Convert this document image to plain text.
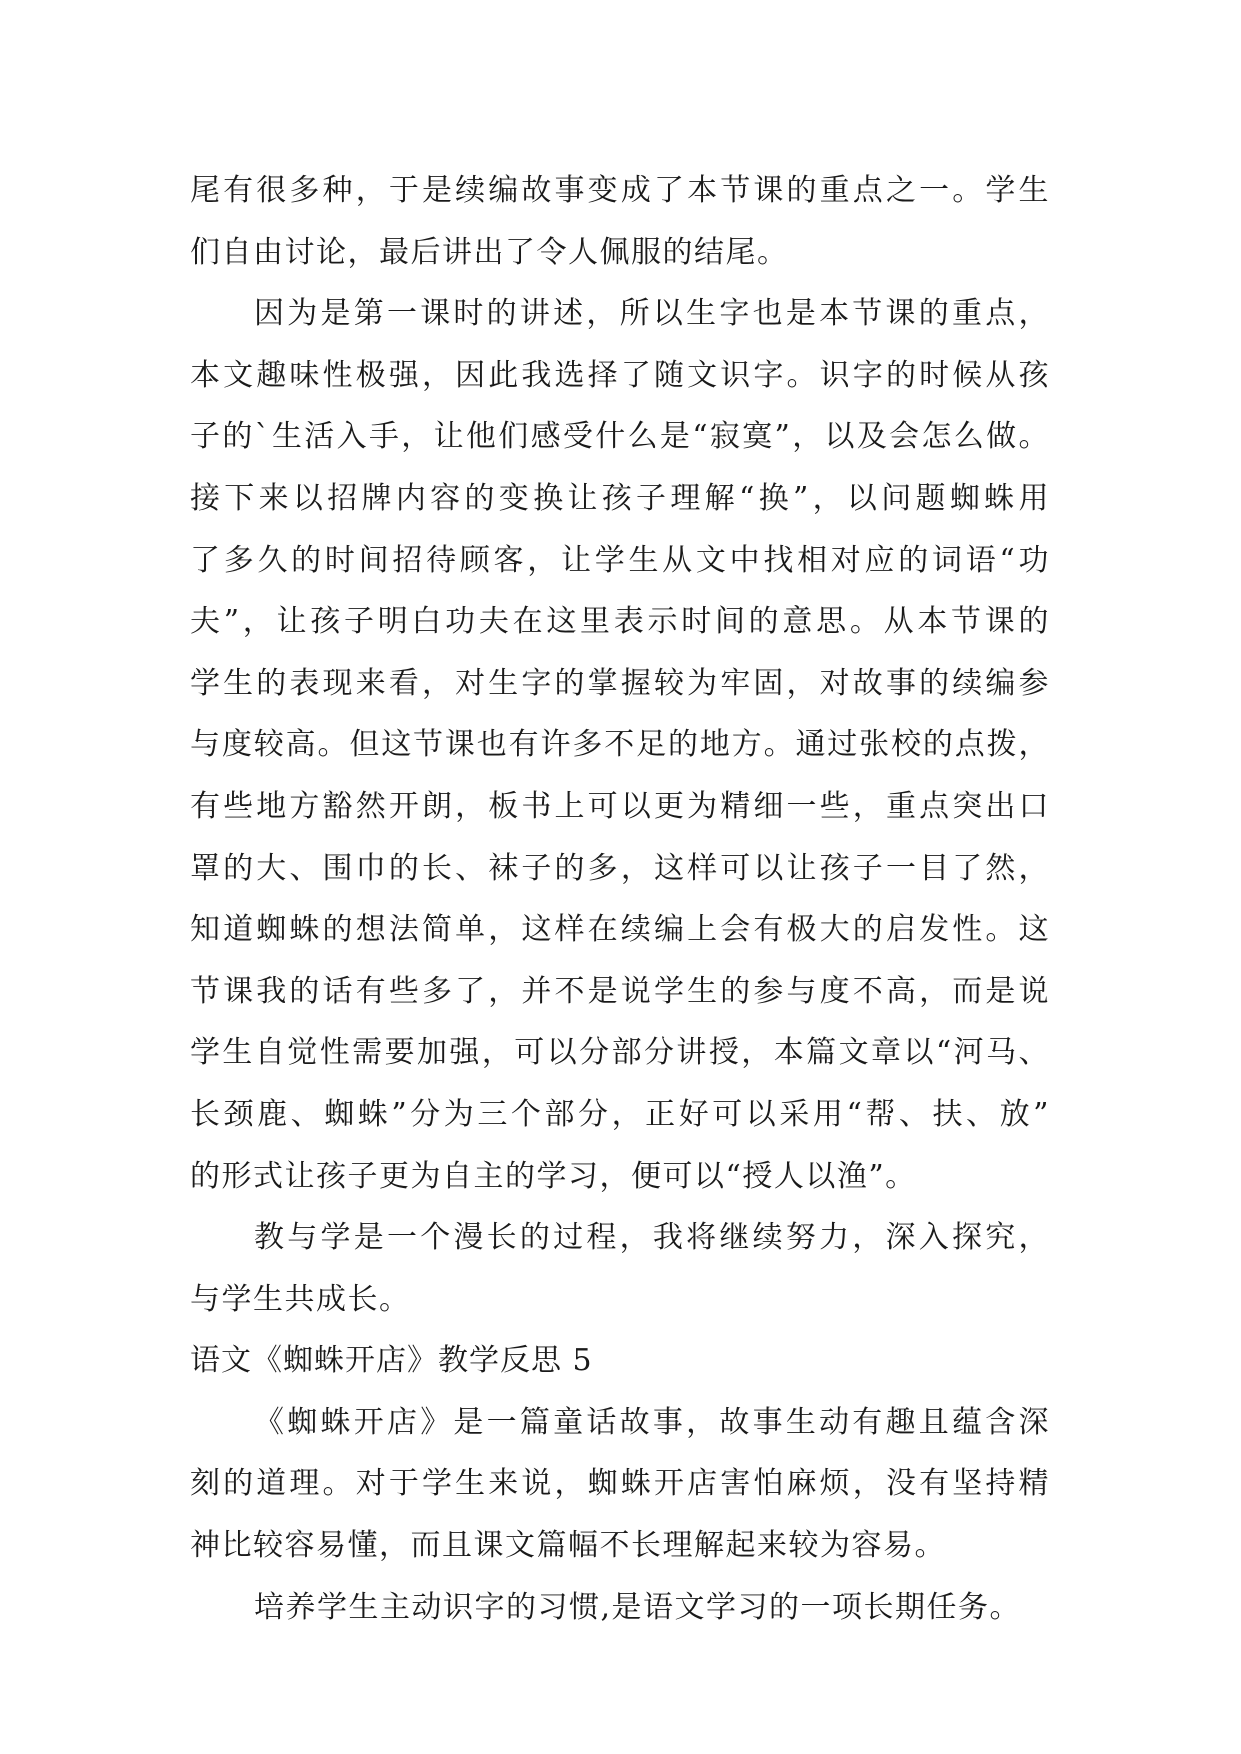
尾有很多种，于是续编故事变成了本节课的重点之一。学生
们自由讨论，最后讲出了令人佩服的结尾。
因为是第一课时的讲述，所以生字也是本节课的重点，
本文趣味性极强，因此我选择了随文识字。识字的时候从孩
子的`生活入手，让他们感受什么是“寂寞”，以及会怎么做。
接下来以招牌内容的变换让孩子理解“换”，以问题蜘蛛用
了多久的时间招待顾客，让学生从文中找相对应的词语“功
夫”，让孩子明白功夫在这里表示时间的意思。从本节课的
学生的表现来看，对生字的掌握较为牢固，对故事的续编参
与度较高。但这节课也有许多不足的地方。通过张校的点拨，
有些地方豁然开朗，板书上可以更为精细一些，重点突出口
罩的大、围巾的长、袜子的多，这样可以让孩子一目了然，
知道蜘蛛的想法简单，这样在续编上会有极大的启发性。这
节课我的话有些多了，并不是说学生的参与度不高，而是说
学生自觉性需要加强，可以分部分讲授，本篇文章以“河马、
长颈鹿、蜘蛛”分为三个部分，正好可以采用“帮、扶、放”
的形式让孩子更为自主的学习，便可以“授人以渔”。
教与学是一个漫长的过程，我将继续努力，深入探究，
与学生共成长。
语文《蜘蛛开店》教学反思 5
《蜘蛛开店》是一篇童话故事，故事生动有趣且蕴含深
刻的道理。对于学生来说，蜘蛛开店害怕麻烦，没有坚持精
神比较容易懂，而且课文篇幅不长理解起来较为容易。
培养学生主动识字的习惯,是语文学习的一项长期任务。
